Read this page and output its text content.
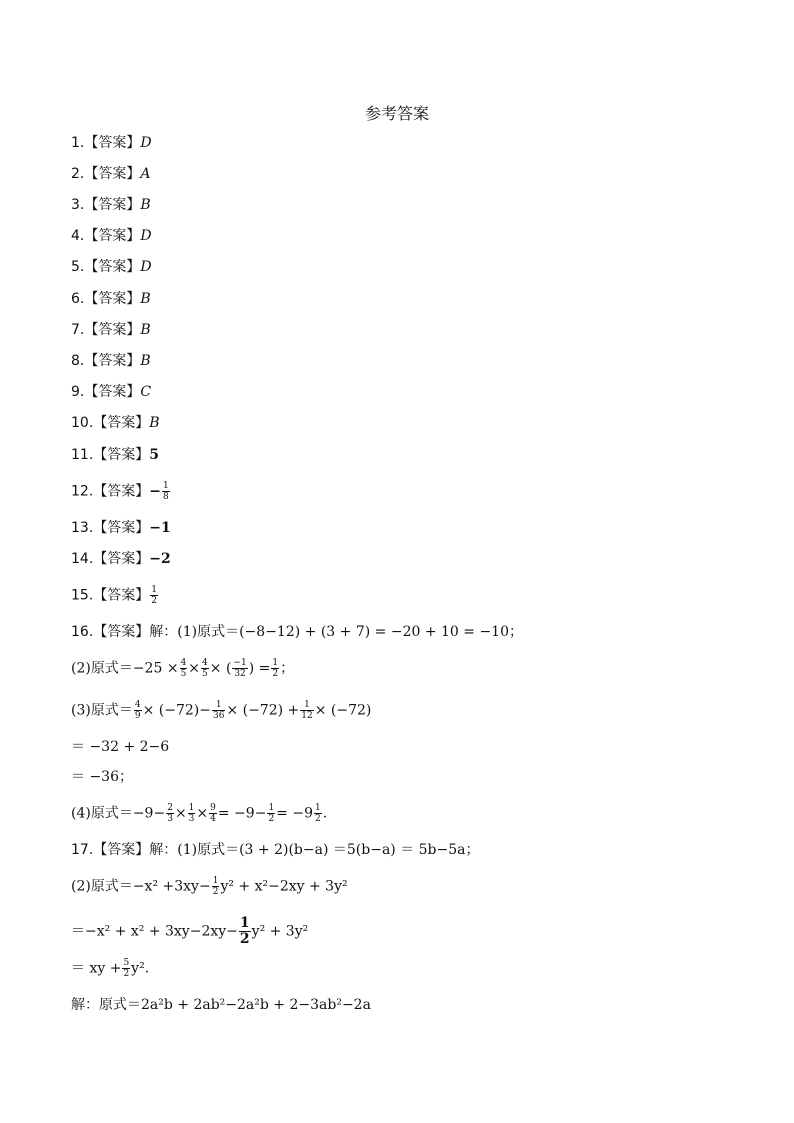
参考答案
1.【答案】D
2.【答案】A
3.【答案】B
4.【答案】D
5.【答案】D
6.【答案】B
7.【答案】B
8.【答案】B
9.【答案】C
10.【答案】B
11.【答案】5
12.【答案】− $\frac{1}{8}$
13.【答案】−1
14.【答案】−2
15.【答案】 $\frac{1}{2}$
16.【答案】解：(1)原式＝(−8−12) + (3 + 7) = −20 + 10 = −10；
(2)原式$=-25 \times \frac{4}{5} \times \frac{4}{5}$ × ( $\frac{-1}{32}$ ) = $\frac{1}{2}$ ；
(3)原式＝ $\frac{4}{9} \times (-72)- \frac{1}{36} \times (-72) + \frac{1}{12} \times (-72)$
＝ −32 + 2−6
＝ −36；
(4)原式$=-9- \frac{2}{3} \times \frac{1}{3} \times \frac{9}{4} = -9- \frac{1}{2} = -9 \frac{1}{2}$ .
17.【答案】解：(1)原式＝(3 + 2)(b−a) ＝5(b−a) ＝ 5b−5a；
(2)原式$=-x^2 +3xy- \frac{1}{2} y^2 + x^2-2xy + 3y^2$
$=-x^2 + x^2 + 3xy-2xy- \frac{1}{2} y^2 + 3y^2$
＝ xy + $\frac{5}{2} y^2$.
解：原式＝2a²b + 2ab²−2a²b + 2−3ab²−2a
